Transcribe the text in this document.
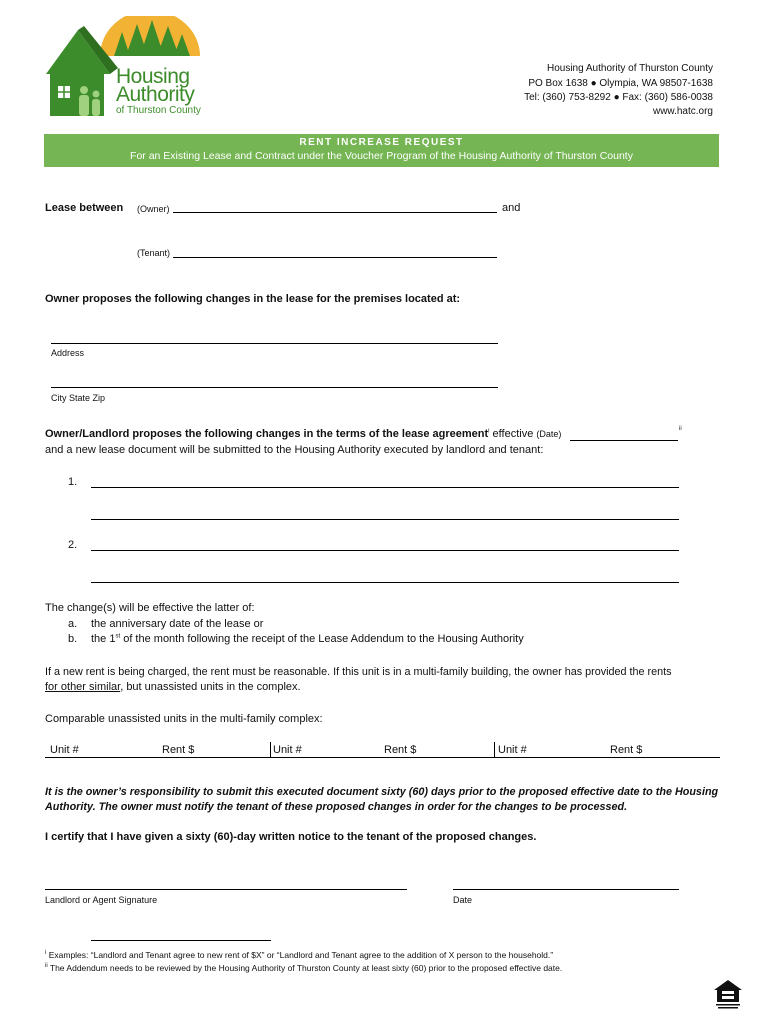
Housing
Authority
of Thurston County
Housing Authority of Thurston County
PO Box 1638 ● Olympia, WA 98507-1638
Tel: (360) 753-8292 ● Fax: (360) 586-0038
www.hatc.org
RENT INCREASE REQUEST
For an Existing Lease and Contract under the Voucher Program of the Housing Authority of Thurston County
Lease between (Owner)	and
(Tenant)
Owner proposes the following changes in the lease for the premises located at:
Address
City State Zip
Owner/Landlord proposes the following changes in the terms of the lease agreement$^i$ effective (Date)	ii
and a new lease document will be submitted to the Housing Authority executed by landlord and tenant:
1.
2.
The change(s) will be effective the latter of:
a. the anniversary date of the lease or
b. the 1st of the month following the receipt of the Lease Addendum to the Housing Authority
If a new rent is being charged, the rent must be reasonable. If this unit is in a multi-family building, the owner has provided the rents
for other similar, but unassisted units in the complex.
Comparable unassisted units in the multi-family complex:
Unit #	Rent $	Unit #	Rent $	Unit #	Rent $
It is the owner’s responsibility to submit this executed document sixty (60) days prior to the proposed effective date to the Housing Authority. The owner must notify the tenant of these proposed changes in order for the changes to be processed.
I certify that I have given a sixty (60)-day written notice to the tenant of the proposed changes.
Landlord or Agent Signature	Date
$^i$ Examples: “Landlord and Tenant agree to new rent of $X” or “Landlord and Tenant agree to the addition of X person to the household.”
$^{ii}$ The Addendum needs to be reviewed by the Housing Authority of Thurston County at least sixty (60) prior to the proposed effective date.
